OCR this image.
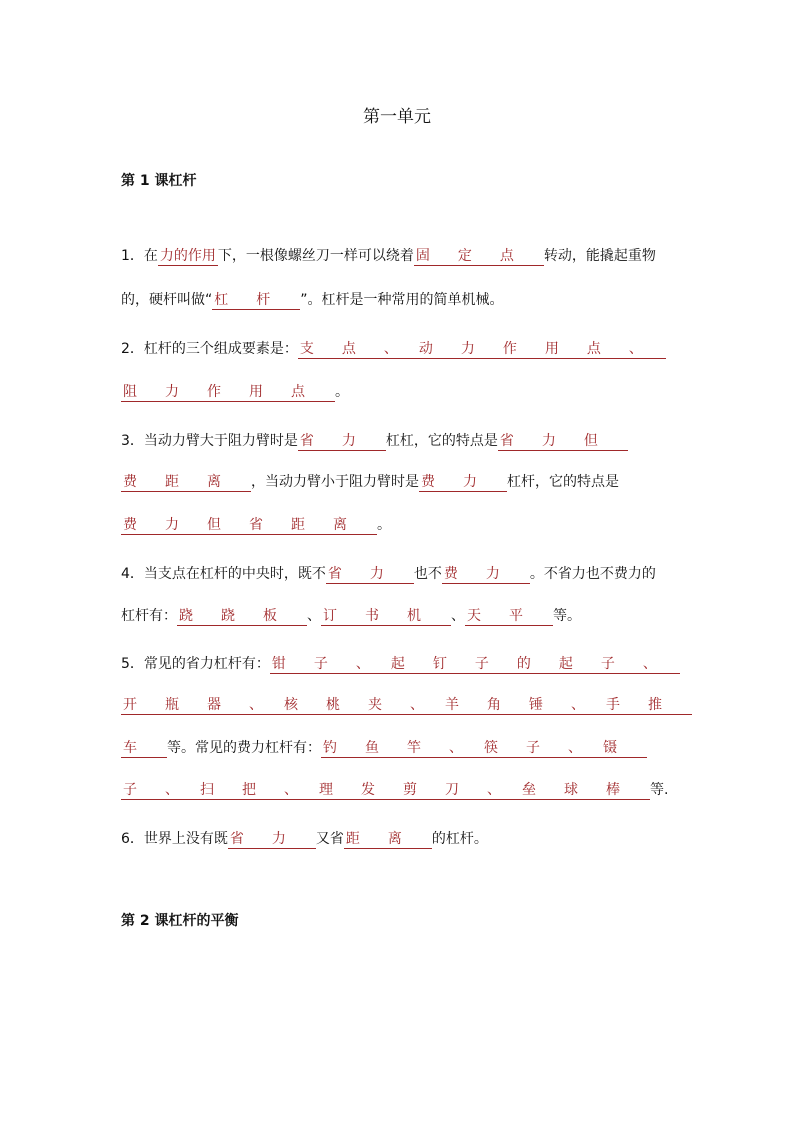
第一单元
第 1 课杠杆
1．在 力的作用 下，一根像螺丝刀一样可以绕着 固　　定　　点　　转动，能撬起重物
的，硬杆叫做“ 杠　　杆　　”。杠杆是一种常用的简单机械。
2．杠杆的三个组成要素是： 支　　点　　、　　动　　力　　作　　用　　点　　、　　
阻　　力　　作　　用　　点　　。
3．当动力臂大于阻力臂时是 省　　力　　杠杠，它的特点是 省　　力　　但　　
费　　距　　离　　，当动力臂小于阻力臂时是 费　　力　　杠杆，它的特点是
费　　力　　但　　省　　距　　离　　。
4．当支点在杠杆的中央时，既不 省　　力　　也不 费　　力　　。不省力也不费力的
杠杆有： 跷　　跷　　板　　、 订　　书　　机　　、 天　　平　　等。
5．常见的省力杠杆有： 钳　　子　　、　　起　　钉　　子　　的　　起　　子　　、　　
开　　瓶　　器　　、　　核　　桃　　夹　　、　　羊　　角　　锤　　、　　手　　推　　
车　　等。常见的费力杠杆有： 钓　　鱼　　竿　　、　　筷　　子　　、　　镊　　
子　　、　　扫　　把　　、　　理　　发　　剪　　刀　　、　　垒　　球　　棒　　等.
6．世界上没有既 省　　力　　又省 距　　离　　的杠杆。
第 2 课杠杆的平衡
